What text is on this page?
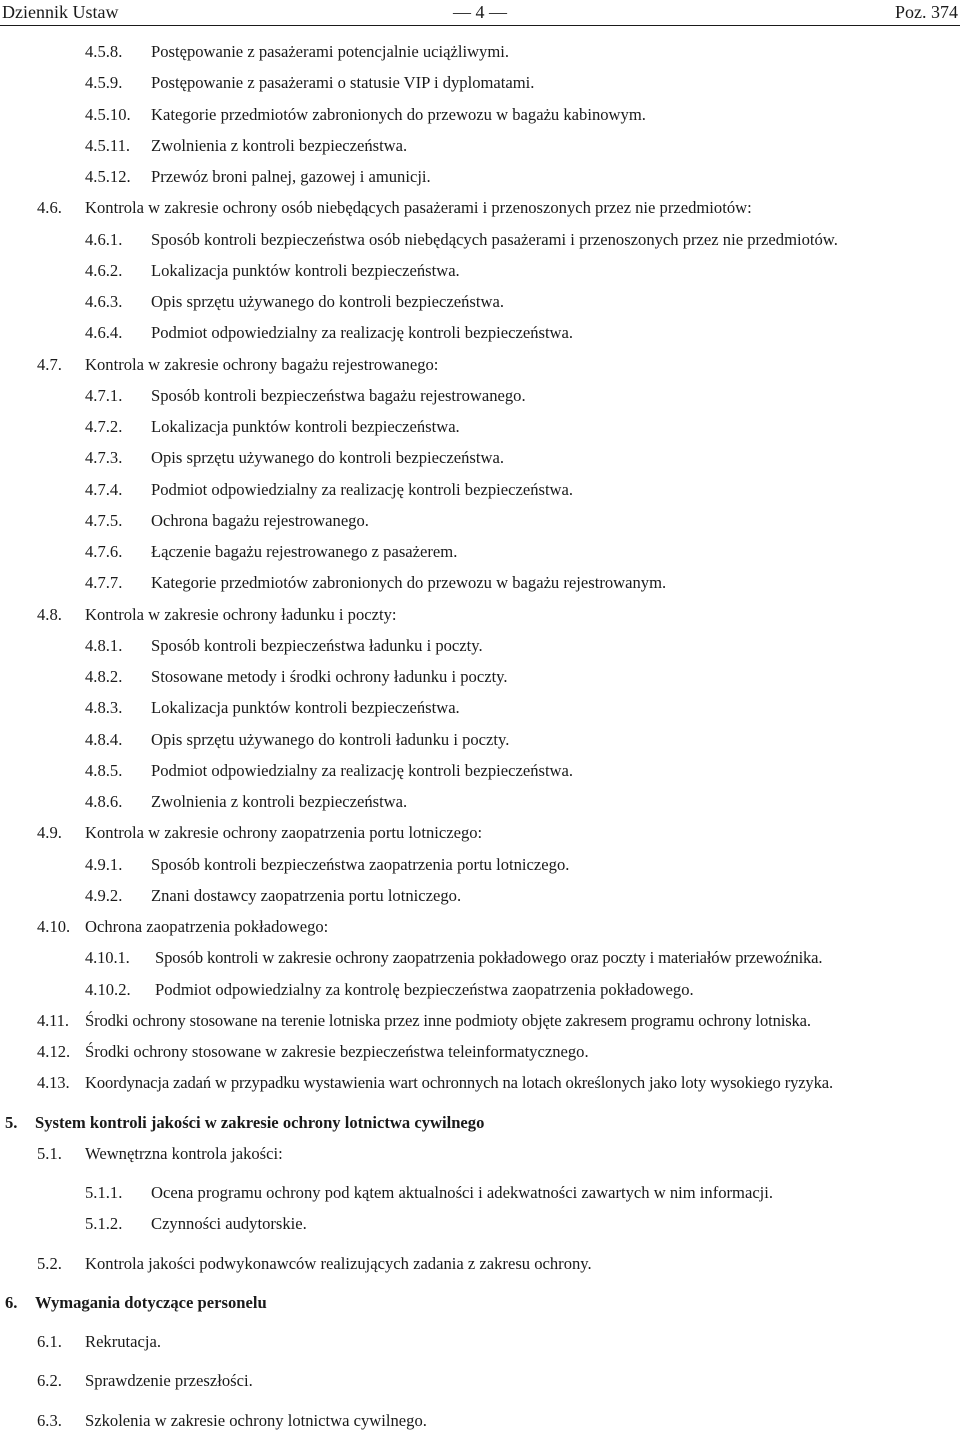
Dziennik Ustaw	— 4 —	Poz. 374
4.5.8. Postępowanie z pasażerami potencjalnie uciążliwymi.
4.5.9. Postępowanie z pasażerami o statusie VIP i dyplomatami.
4.5.10. Kategorie przedmiotów zabronionych do przewozu w bagażu kabinowym.
4.5.11. Zwolnienia z kontroli bezpieczeństwa.
4.5.12. Przewóz broni palnej, gazowej i amunicji.
4.6. Kontrola w zakresie ochrony osób niebędących pasażerami i przenoszonych przez nie przedmiotów:
4.6.1. Sposób kontroli bezpieczeństwa osób niebędących pasażerami i przenoszonych przez nie przedmiotów.
4.6.2. Lokalizacja punktów kontroli bezpieczeństwa.
4.6.3. Opis sprzętu używanego do kontroli bezpieczeństwa.
4.6.4. Podmiot odpowiedzialny za realizację kontroli bezpieczeństwa.
4.7. Kontrola w zakresie ochrony bagażu rejestrowanego:
4.7.1. Sposób kontroli bezpieczeństwa bagażu rejestrowanego.
4.7.2. Lokalizacja punktów kontroli bezpieczeństwa.
4.7.3. Opis sprzętu używanego do kontroli bezpieczeństwa.
4.7.4. Podmiot odpowiedzialny za realizację kontroli bezpieczeństwa.
4.7.5. Ochrona bagażu rejestrowanego.
4.7.6. Łączenie bagażu rejestrowanego z pasażerem.
4.7.7. Kategorie przedmiotów zabronionych do przewozu w bagażu rejestrowanym.
4.8. Kontrola w zakresie ochrony ładunku i poczty:
4.8.1. Sposób kontroli bezpieczeństwa ładunku i poczty.
4.8.2. Stosowane metody i środki ochrony ładunku i poczty.
4.8.3. Lokalizacja punktów kontroli bezpieczeństwa.
4.8.4. Opis sprzętu używanego do kontroli ładunku i poczty.
4.8.5. Podmiot odpowiedzialny za realizację kontroli bezpieczeństwa.
4.8.6. Zwolnienia z kontroli bezpieczeństwa.
4.9. Kontrola w zakresie ochrony zaopatrzenia portu lotniczego:
4.9.1. Sposób kontroli bezpieczeństwa zaopatrzenia portu lotniczego.
4.9.2. Znani dostawcy zaopatrzenia portu lotniczego.
4.10. Ochrona zaopatrzenia pokładowego:
4.10.1. Sposób kontroli w zakresie ochrony zaopatrzenia pokładowego oraz poczty i materiałów przewoźnika.
4.10.2. Podmiot odpowiedzialny za kontrolę bezpieczeństwa zaopatrzenia pokładowego.
4.11. Środki ochrony stosowane na terenie lotniska przez inne podmioty objęte zakresem programu ochrony lotniska.
4.12. Środki ochrony stosowane w zakresie bezpieczeństwa teleinformatycznego.
4.13. Koordynacja zadań w przypadku wystawienia wart ochronnych na lotach określonych jako loty wysokiego ryzyka.
5. System kontroli jakości w zakresie ochrony lotnictwa cywilnego
5.1. Wewnętrzna kontrola jakości:
5.1.1. Ocena programu ochrony pod kątem aktualności i adekwatności zawartych w nim informacji.
5.1.2. Czynności audytorskie.
5.2. Kontrola jakości podwykonawców realizujących zadania z zakresu ochrony.
6. Wymagania dotyczące personelu
6.1. Rekrutacja.
6.2. Sprawdzenie przeszłości.
6.3. Szkolenia w zakresie ochrony lotnictwa cywilnego.
